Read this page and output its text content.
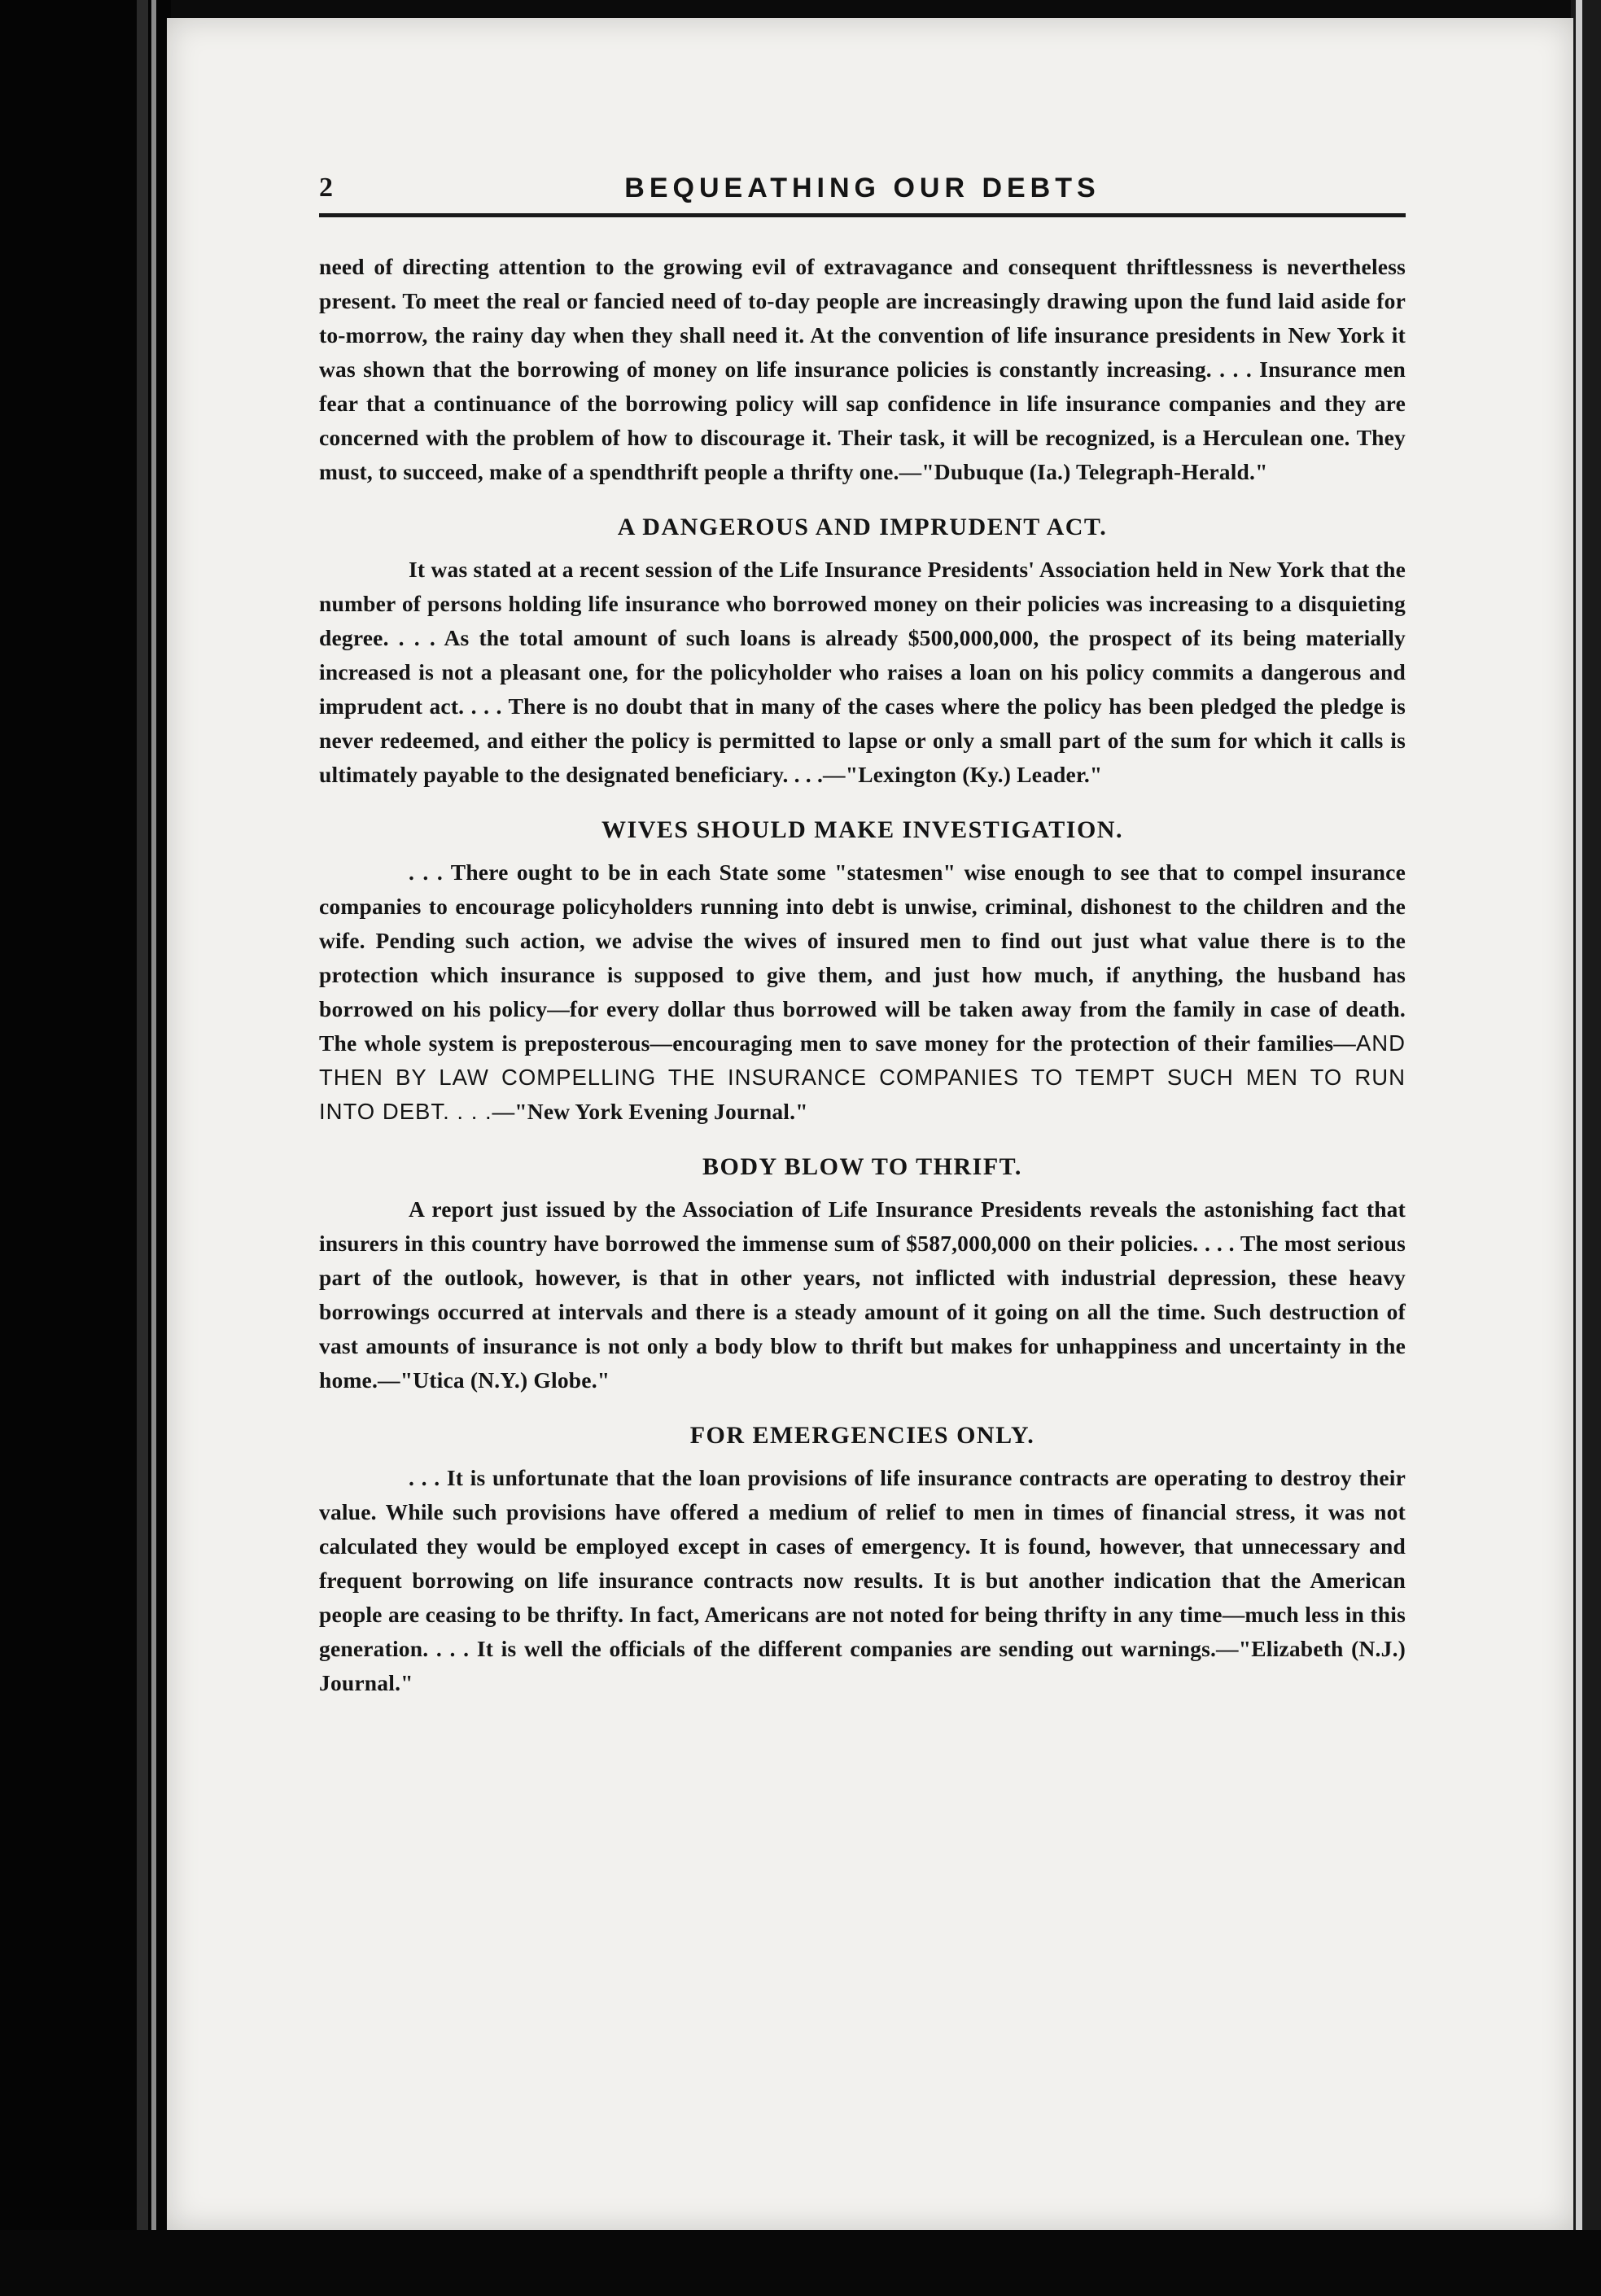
2	BEQUEATHING OUR DEBTS

need of directing attention to the growing evil of extravagance and consequent thriftlessness is nevertheless present. To meet the real or fancied need of to-day people are increasingly drawing upon the fund laid aside for to-morrow, the rainy day when they shall need it. At the convention of life insurance presidents in New York it was shown that the borrowing of money on life insurance policies is constantly increasing. . . . Insurance men fear that a continuance of the borrowing policy will sap confidence in life insurance companies and they are concerned with the problem of how to discourage it. Their task, it will be recognized, is a Herculean one. They must, to succeed, make of a spendthrift people a thrifty one.—"Dubuque (Ia.) Telegraph-Herald."

A DANGEROUS AND IMPRUDENT ACT.

It was stated at a recent session of the Life Insurance Presidents' Association held in New York that the number of persons holding life insurance who borrowed money on their policies was increasing to a disquieting degree. . . . As the total amount of such loans is already $500,000,000, the prospect of its being materially increased is not a pleasant one, for the policyholder who raises a loan on his policy commits a dangerous and imprudent act. . . . There is no doubt that in many of the cases where the policy has been pledged the pledge is never redeemed, and either the policy is permitted to lapse or only a small part of the sum for which it calls is ultimately payable to the designated beneficiary. . . .—"Lexington (Ky.) Leader."

WIVES SHOULD MAKE INVESTIGATION.

. . . There ought to be in each State some "statesmen" wise enough to see that to compel insurance companies to encourage policyholders running into debt is unwise, criminal, dishonest to the children and the wife. Pending such action, we advise the wives of insured men to find out just what value there is to the protection which insurance is supposed to give them, and just how much, if anything, the husband has borrowed on his policy—for every dollar thus borrowed will be taken away from the family in case of death. The whole system is preposterous—encouraging men to save money for the protection of their families—AND THEN BY LAW COMPELLING THE INSURANCE COMPANIES TO TEMPT SUCH MEN TO RUN INTO DEBT. . . .—"New York Evening Journal."

BODY BLOW TO THRIFT.

A report just issued by the Association of Life Insurance Presidents reveals the astonishing fact that insurers in this country have borrowed the immense sum of $587,000,000 on their policies. . . . The most serious part of the outlook, however, is that in other years, not inflicted with industrial depression, these heavy borrowings occurred at intervals and there is a steady amount of it going on all the time. Such destruction of vast amounts of insurance is not only a body blow to thrift but makes for unhappiness and uncertainty in the home.—"Utica (N.Y.) Globe."

FOR EMERGENCIES ONLY.

. . . It is unfortunate that the loan provisions of life insurance contracts are operating to destroy their value. While such provisions have offered a medium of relief to men in times of financial stress, it was not calculated they would be employed except in cases of emergency. It is found, however, that unnecessary and frequent borrowing on life insurance contracts now results. It is but another indication that the American people are ceasing to be thrifty. In fact, Americans are not noted for being thrifty in any time—much less in this generation. . . . It is well the officials of the different companies are sending out warnings.—"Elizabeth (N.J.) Journal."
